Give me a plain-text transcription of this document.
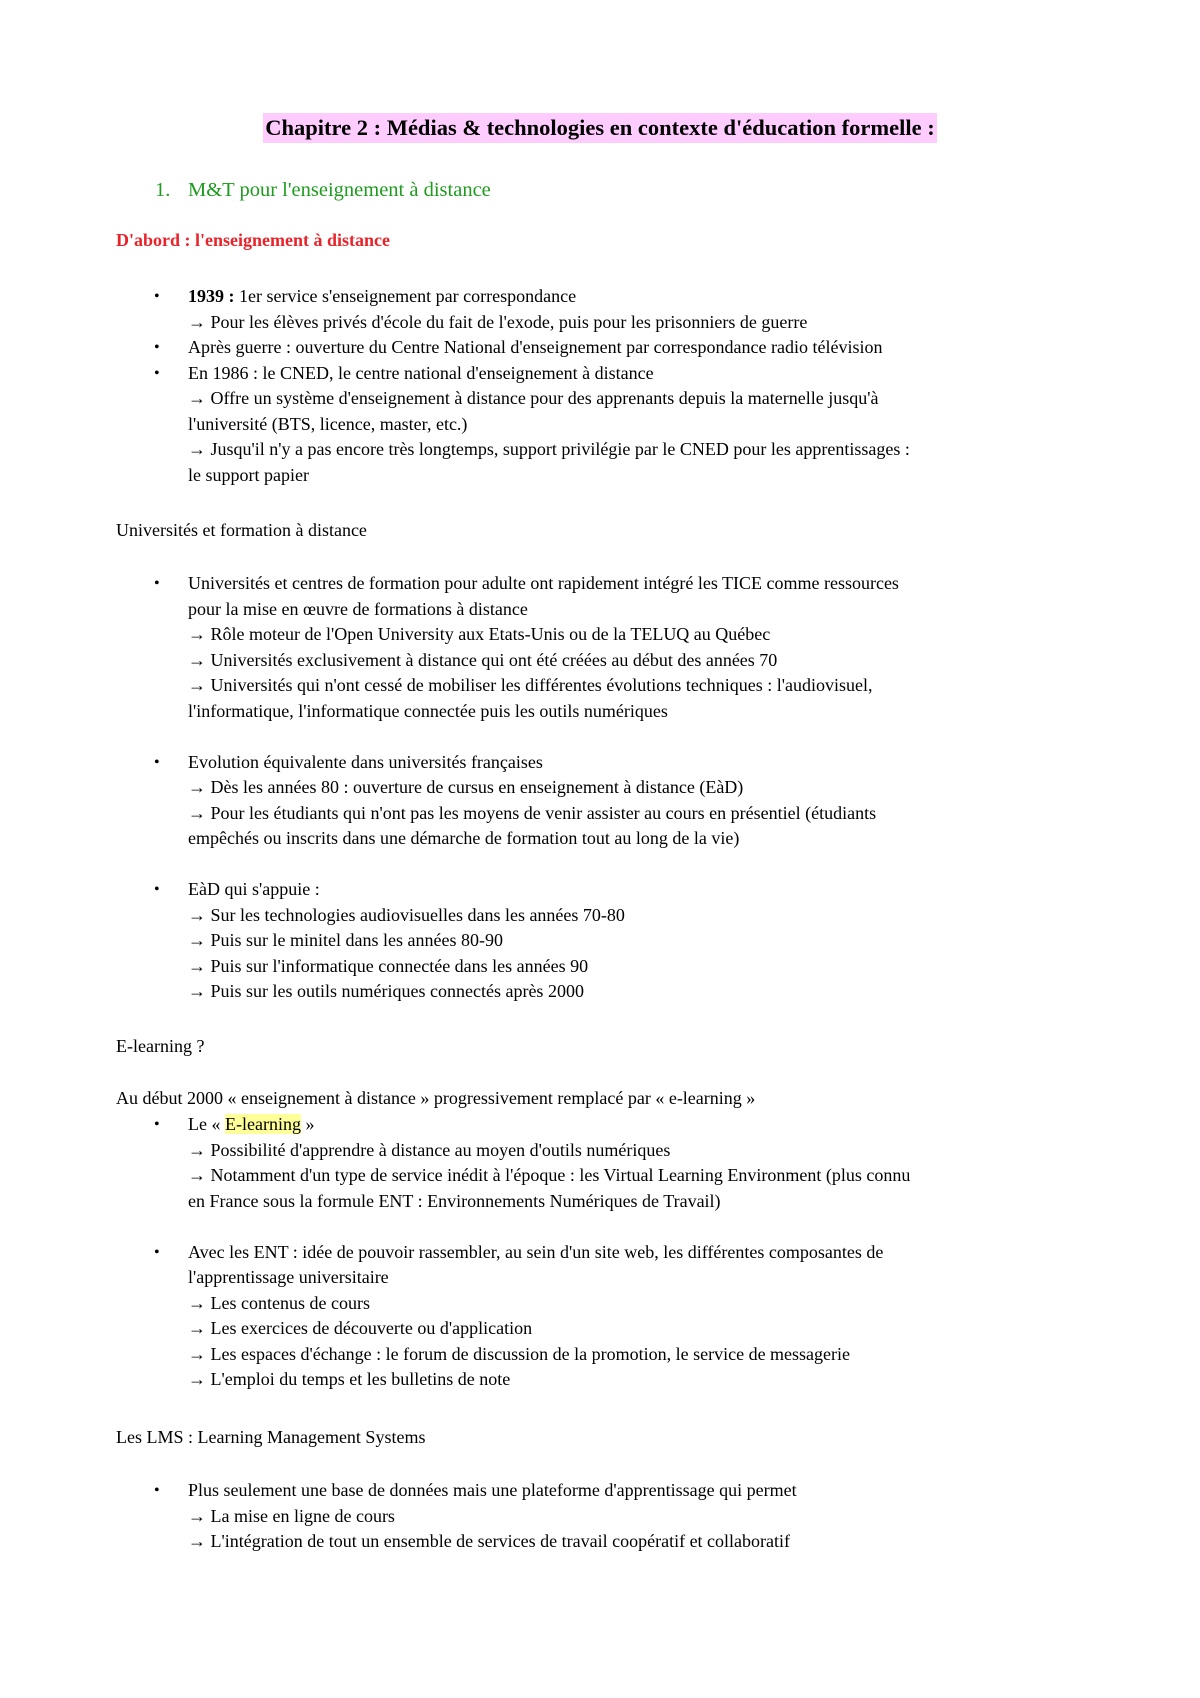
Chapitre 2 : Médias & technologies en contexte d'éducation formelle :
1. M&T pour l'enseignement à distance
D'abord : l'enseignement à distance
• 1939 : 1er service s'enseignement par correspondance
→ Pour les élèves privés d'école du fait de l'exode, puis pour les prisonniers de guerre
• Après guerre : ouverture du Centre National d'enseignement par correspondance radio télévision
• En 1986 : le CNED, le centre national d'enseignement à distance
→ Offre un système d'enseignement à distance pour des apprenants depuis la maternelle jusqu'à
l'université (BTS, licence, master, etc.)
→ Jusqu'il n'y a pas encore très longtemps, support privilégie par le CNED pour les apprentissages :
le support papier
Universités et formation à distance
• Universités et centres de formation pour adulte ont rapidement intégré les TICE comme ressources
pour la mise en œuvre de formations à distance
→ Rôle moteur de l'Open University aux Etats-Unis ou de la TELUQ au Québec
→ Universités exclusivement à distance qui ont été créées au début des années 70
→ Universités qui n'ont cessé de mobiliser les différentes évolutions techniques : l'audiovisuel,
l'informatique, l'informatique connectée puis les outils numériques
• Evolution équivalente dans universités françaises
→ Dès les années 80 : ouverture de cursus en enseignement à distance (EàD)
→ Pour les étudiants qui n'ont pas les moyens de venir assister au cours en présentiel (étudiants
empêchés ou inscrits dans une démarche de formation tout au long de la vie)
• EàD qui s'appuie :
→ Sur les technologies audiovisuelles dans les années 70-80
→ Puis sur le minitel dans les années 80-90
→ Puis sur l'informatique connectée dans les années 90
→ Puis sur les outils numériques connectés après 2000
E-learning ?
Au début 2000 « enseignement à distance » progressivement remplacé par « e-learning »
• Le « E-learning »
→ Possibilité d'apprendre à distance au moyen d'outils numériques
→ Notamment d'un type de service inédit à l'époque : les Virtual Learning Environment (plus connu
en France sous la formule ENT : Environnements Numériques de Travail)
• Avec les ENT : idée de pouvoir rassembler, au sein d'un site web, les différentes composantes de
l'apprentissage universitaire
→ Les contenus de cours
→ Les exercices de découverte ou d'application
→ Les espaces d'échange : le forum de discussion de la promotion, le service de messagerie
→ L'emploi du temps et les bulletins de note
Les LMS : Learning Management Systems
• Plus seulement une base de données mais une plateforme d'apprentissage qui permet
→ La mise en ligne de cours
→ L'intégration de tout un ensemble de services de travail coopératif et collaboratif
